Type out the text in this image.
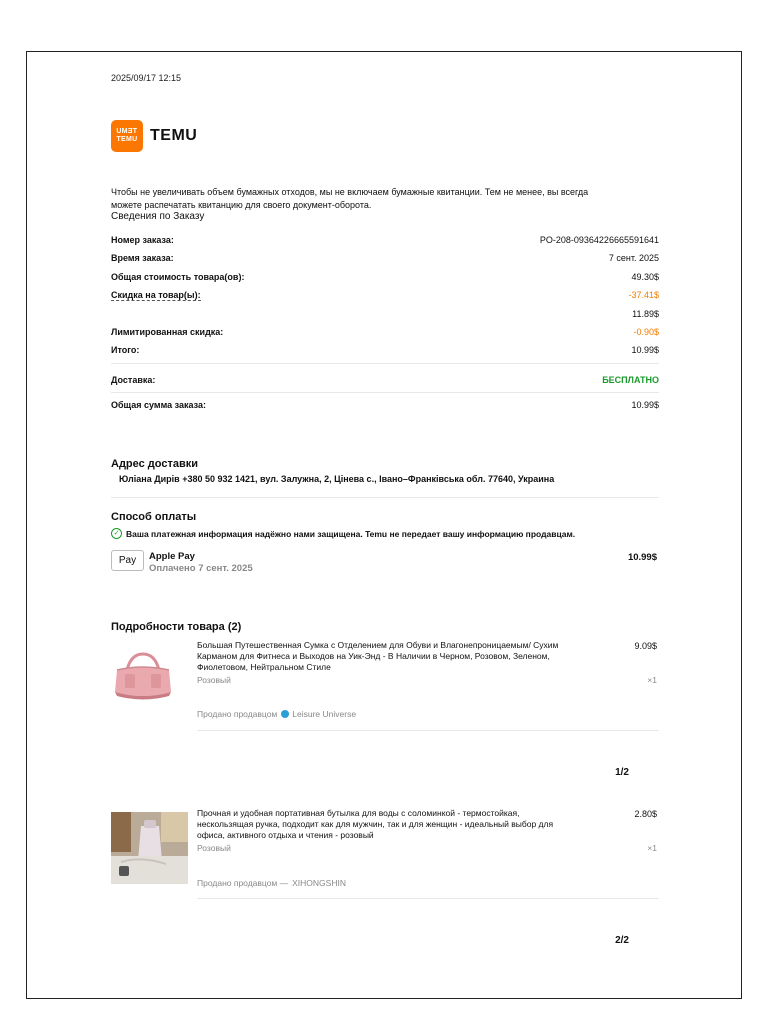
2025/09/17 12:15
TEMU
TEMU TEMU
Чтобы не увеличивать объем бумажных отходов, мы не включаем бумажные квитанции. Тем не менее, вы всегда можете распечатать квитанцию для своего документ-оборота.
Сведения по Заказу
Номер заказа:	PO-208-09364226665591641
Время заказа:	7 сент. 2025
Общая стоимость товара(ов):	49.30$
Скидка на товар(ы):	-37.41$
11.89$
Лимитированная скидка:	-0.90$
Итого:	10.99$
Доставка:	БЕСПЛАТНО
Общая сумма заказа:	10.99$
Адрес доставки
Юліана Дирів +380 50 932 1421, вул. Залужна, 2, Цінева с., Івано–Франківська обл. 77640, Украина
Способ оплаты
✓ Ваша платежная информация надёжно нами защищена. Temu не передает вашу информацию продавцам.
Pay Apple Pay
Оплачено 7 сент. 2025
10.99$
Подробности товара (2)
Большая Путешественная Сумка с Отделением для Обуви и Влагонепроницаемым/ Сухим Карманом для Фитнеса и Выходов на Уик-Энд - В Наличии в Черном, Розовом, Зеленом, Фиолетовом, Нейтральном Стиле
9.09$
Розовый	×1
Продано продавцом Leisure Universe
1/2
Прочная и удобная портативная бутылка для воды с соломинкой - термостойкая, нескользящая ручка, подходит как для мужчин, так и для женщин - идеальный выбор для офиса, активного отдыха и чтения - розовый
2.80$
Розовый	×1
Продано продавцом — XIHONGSHIN
2/2
